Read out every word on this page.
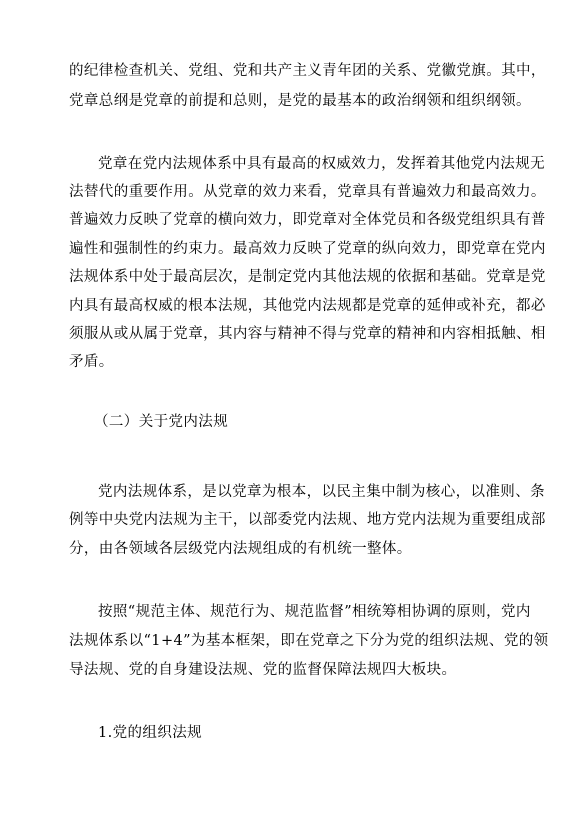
的纪律检查机关、党组、党和共产主义青年团的关系、党徽党旗。其中，
党章总纲是党章的前提和总则，是党的最基本的政治纲领和组织纲领。
党章在党内法规体系中具有最高的权威效力，发挥着其他党内法规无
法替代的重要作用。从党章的效力来看，党章具有普遍效力和最高效力。
普遍效力反映了党章的横向效力，即党章对全体党员和各级党组织具有普
遍性和强制性的约束力。最高效力反映了党章的纵向效力，即党章在党内
法规体系中处于最高层次，是制定党内其他法规的依据和基础。党章是党
内具有最高权威的根本法规，其他党内法规都是党章的延伸或补充，都必
须服从或从属于党章，其内容与精神不得与党章的精神和内容相抵触、相
矛盾。
（二）关于党内法规
党内法规体系，是以党章为根本，以民主集中制为核心，以准则、条
例等中央党内法规为主干，以部委党内法规、地方党内法规为重要组成部
分，由各领域各层级党内法规组成的有机统一整体。
按照“规范主体、规范行为、规范监督”相统筹相协调的原则，党内
法规体系以“1+4”为基本框架，即在党章之下分为党的组织法规、党的领
导法规、党的自身建设法规、党的监督保障法规四大板块。
1.党的组织法规
